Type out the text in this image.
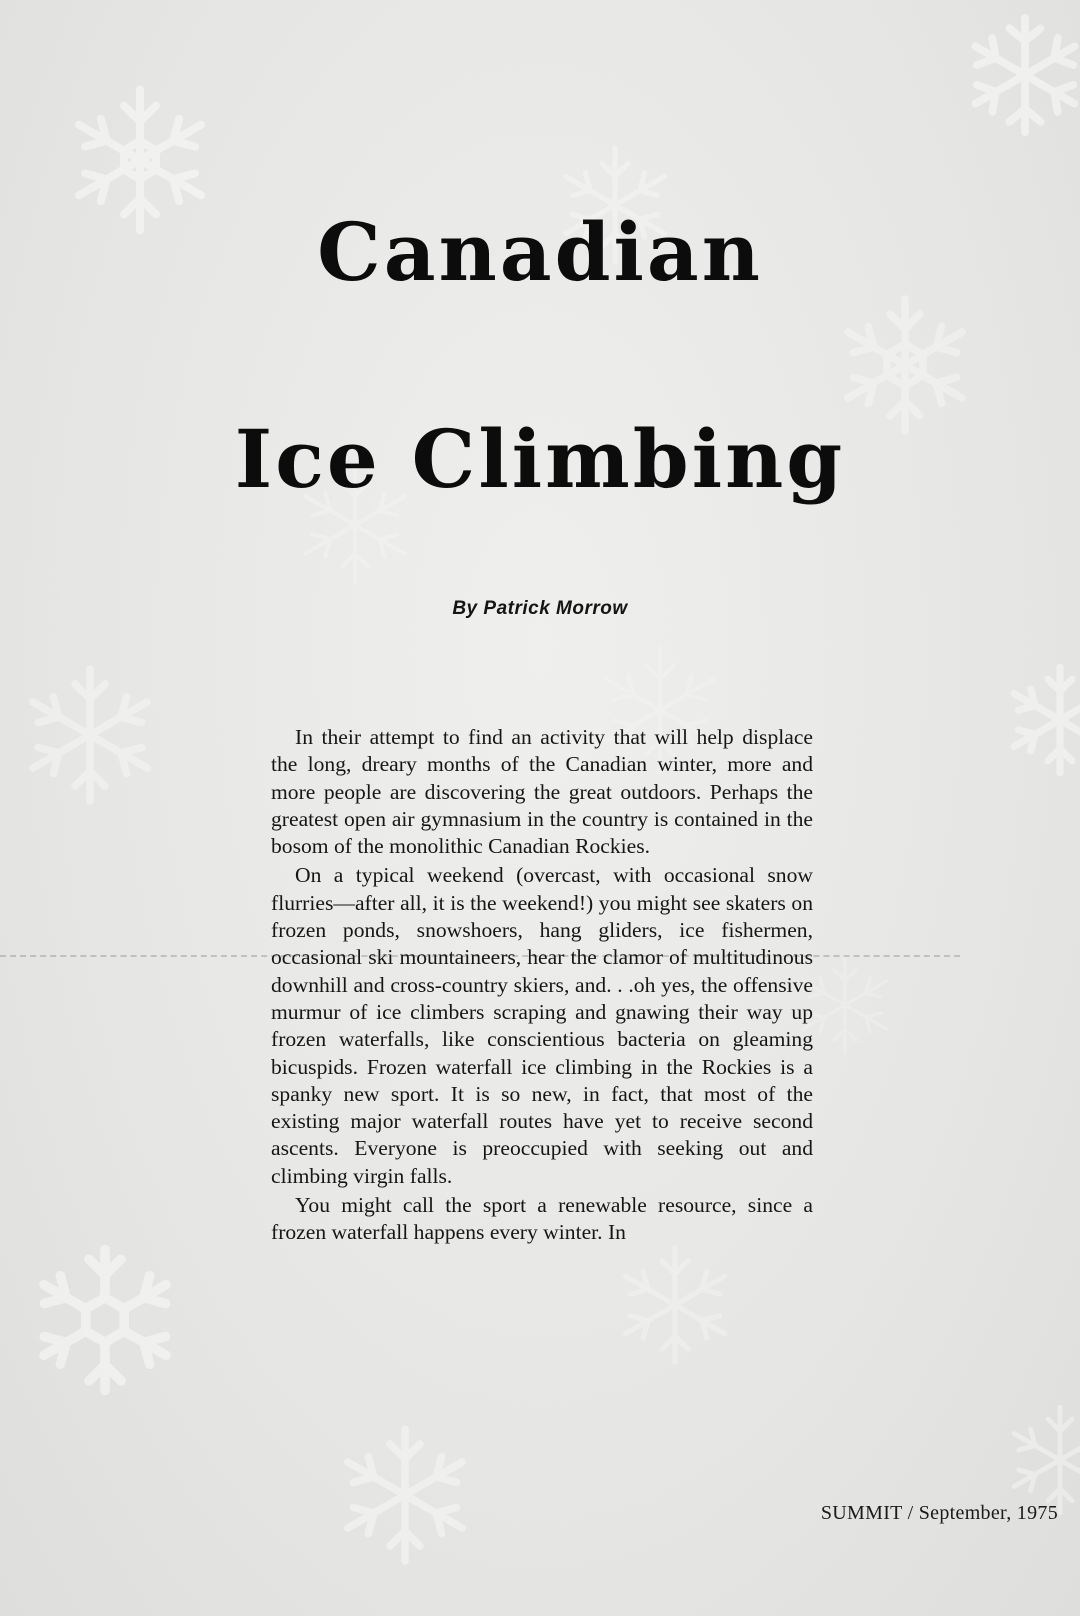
Canadian
Ice Climbing
By Patrick Morrow

In their attempt to find an activity that will help displace the long, dreary months of the Canadian winter, more and more people are discovering the great outdoors. Perhaps the greatest open air gymnasium in the country is contained in the bosom of the monolithic Canadian Rockies.

On a typical weekend (overcast, with occasional snow flurries—after all, it is the weekend!) you might see skaters on frozen ponds, snowshoers, hang gliders, ice fishermen, occasional ski mountaineers, hear the clamor of multitudinous downhill and cross-country skiers, and. . .oh yes, the offensive murmur of ice climbers scraping and gnawing their way up frozen waterfalls, like conscientious bacteria on gleaming bicuspids. Frozen waterfall ice climbing in the Rockies is a spanky new sport. It is so new, in fact, that most of the existing major waterfall routes have yet to receive second ascents. Everyone is preoccupied with seeking out and climbing virgin falls.

You might call the sport a renewable resource, since a frozen waterfall happens every winter. In

SUMMIT / September, 1975
